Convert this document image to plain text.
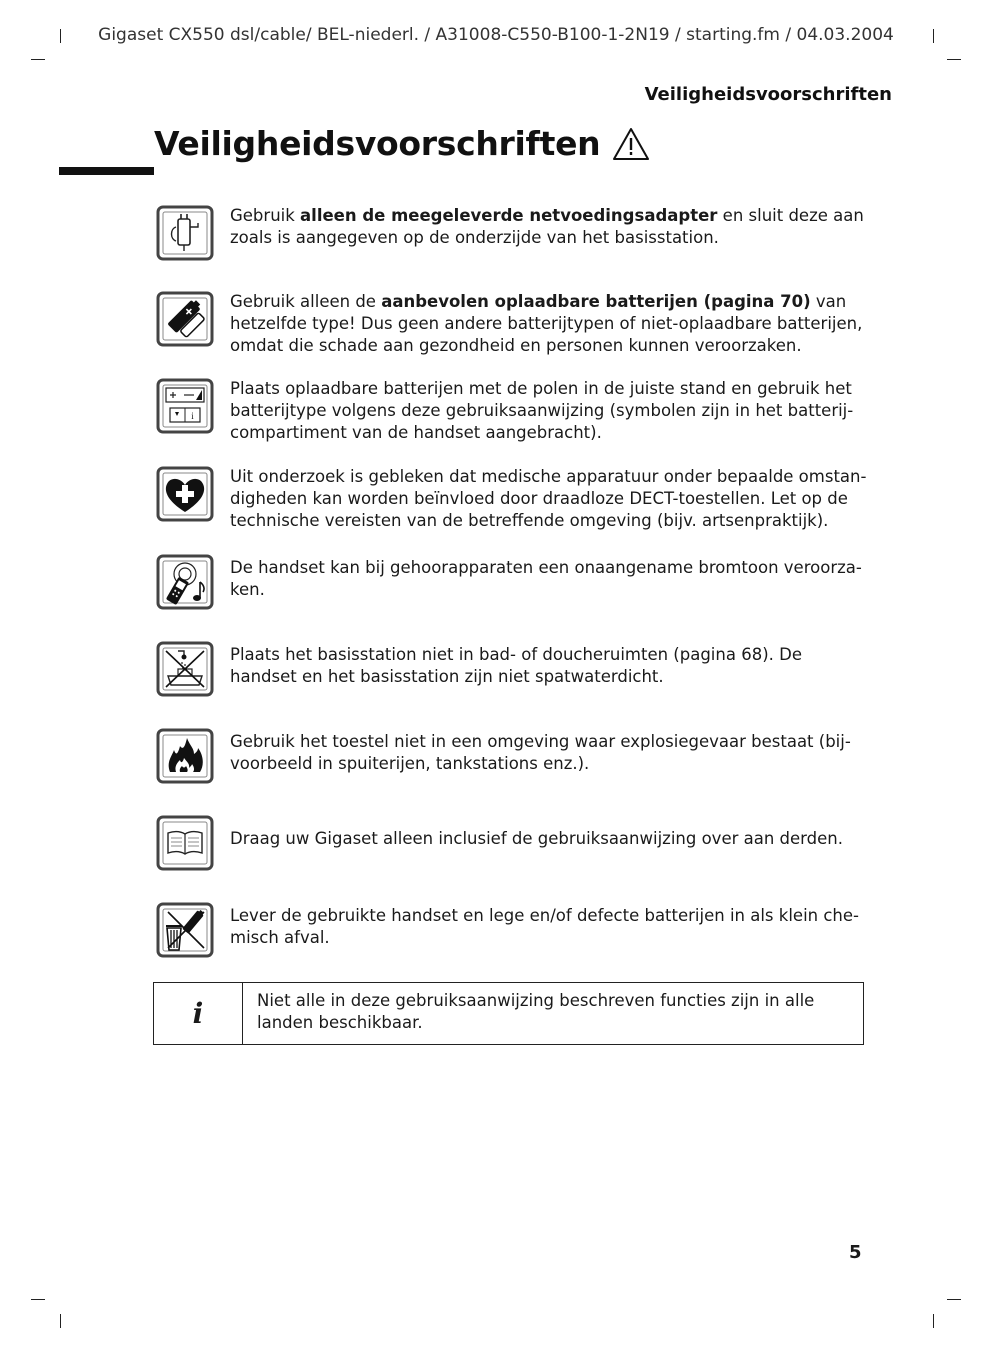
Gigaset CX550 dsl/cable/ BEL-niederl. / A31008-C550-B100-1-2N19 / starting.fm / 04.03.2004
Veiligheidsvoorschriften
Veiligheidsvoorschriften
Gebruik alleen de meegeleverde netvoedingsadapter en sluit deze aan zoals is aangegeven op de onderzijde van het basisstation.
Gebruik alleen de aanbevolen oplaadbare batterijen (pagina 70) van hetzelfde type! Dus geen andere batterijtypen of niet-oplaadbare batterijen, omdat die schade aan gezondheid en personen kunnen veroorzaken.
i
Plaats oplaadbare batterijen met de polen in de juiste stand en gebruik het batterijtype volgens deze gebruiksaanwijzing (symbolen zijn in het batterijcompartiment van de handset aangebracht).
Uit onderzoek is gebleken dat medische apparatuur onder bepaalde omstandigheden kan worden beïnvloed door draadloze DECT-toestellen. Let op de technische vereisten van de betreffende omgeving (bijv. artsenpraktijk).
De handset kan bij gehoorapparaten een onaangename bromtoon veroorzaken.
Plaats het basisstation niet in bad- of doucheruimten (pagina 68). De handset en het basisstation zijn niet spatwaterdicht.
Gebruik het toestel niet in een omgeving waar explosiegevaar bestaat (bijvoorbeeld in spuiterijen, tankstations enz.).
Draag uw Gigaset alleen inclusief de gebruiksaanwijzing over aan derden.
Lever de gebruikte handset en lege en/of defecte batterijen in als klein chemisch afval.
i	Niet alle in deze gebruiksaanwijzing beschreven functies zijn in alle landen beschikbaar.
5
